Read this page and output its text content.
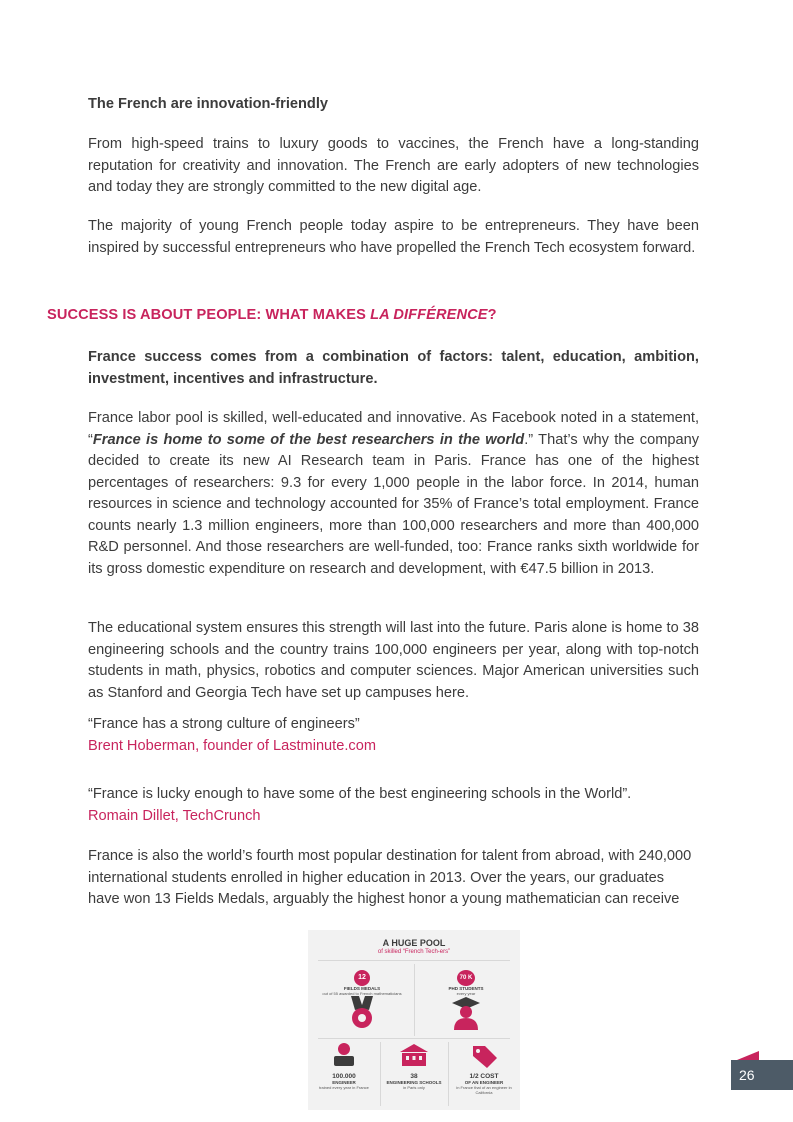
The French are innovation-friendly

From high-speed trains to luxury goods to vaccines, the French have a long-standing reputation for creativity and innovation. The French are early adopters of new technologies and today they are strongly committed to the new digital age.

The majority of young French people today aspire to be entrepreneurs. They have been inspired by successful entrepreneurs who have propelled the French Tech ecosystem forward.

SUCCESS IS ABOUT PEOPLE: WHAT MAKES LA DIFFÉRENCE?

France success comes from a combination of factors: talent, education, ambition, investment, incentives and infrastructure.

France labor pool is skilled, well-educated and innovative. As Facebook noted in a statement, “France is home to some of the best researchers in the world.” That’s why the company decided to create its new AI Research team in Paris. France has one of the highest percentages of researchers: 9.3 for every 1,000 people in the labor force. In 2014, human resources in science and technology accounted for 35% of France’s total employment. France counts nearly 1.3 million engineers, more than 100,000 researchers and more than 400,000 R&D personnel. And those researchers are well-funded, too: France ranks sixth worldwide for its gross domestic expenditure on research and development, with €47.5 billion in 2013.

The educational system ensures this strength will last into the future. Paris alone is home to 38 engineering schools and the country trains 100,000 engineers per year, along with top-notch students in math, physics, robotics and computer sciences. Major American universities such as Stanford and Georgia Tech have set up campuses here.

“France has a strong culture of engineers”
Brent Hoberman, founder of Lastminute.com
“France is lucky enough to have some of the best engineering schools in the World”.
Romain Dillet, TechCrunch

France is also the world’s fourth most popular destination for talent from abroad, with 240,000 international students enrolled in higher education in 2013. Over the years, our graduates have won 13 Fields Medals, arguably the highest honor a young mathematician can receive

A HUGE POOL
of skilled “French Tech-ers”
12
FIELDS MEDALS
out of 55 awarded to French mathematicians
70 K
PHD STUDENTS
every year
100.000
ENGINEER
trained every year in France
38
ENGINEERING SCHOOLS
in Paris only
1/2 COST
OF AN ENGINEER
in France that of an engineer in California
26
